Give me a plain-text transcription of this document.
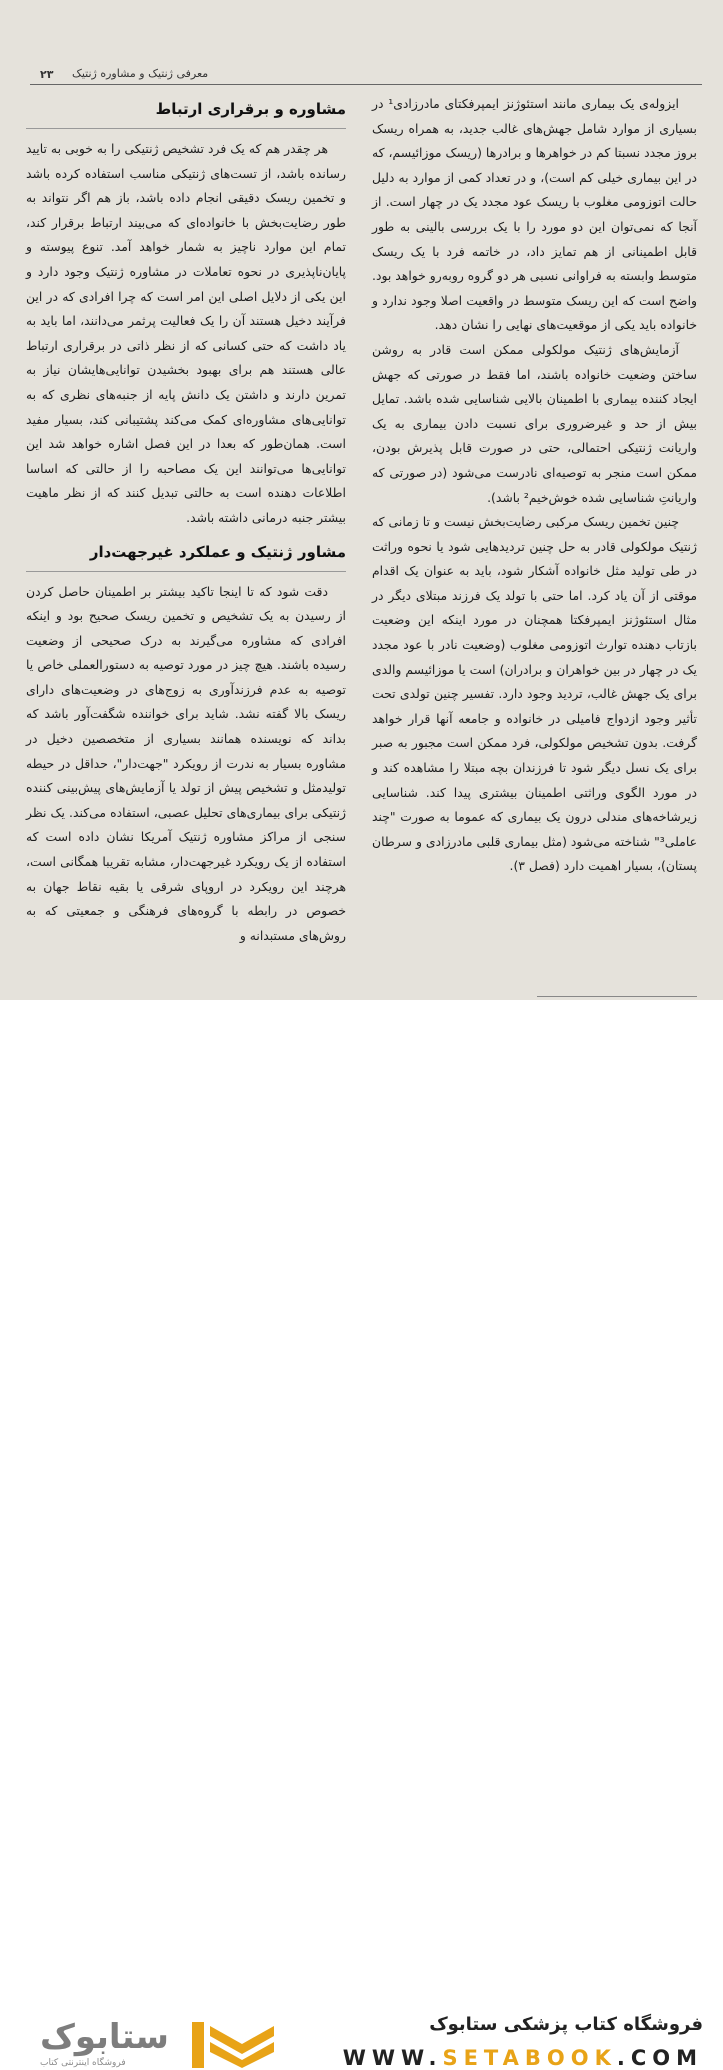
۲۳ معرفی ژنتیک و مشاوره ژنتیک

ایزوله‌ی یک بیماری مانند استئوژنز ایمپرفکتای مادرزادی¹ در بسیاری از موارد شامل جهش‌های غالب جدید، به همراه ریسک بروز مجدد نسبتا کم در خواهرها و برادرها (ریسک موزائیسم، که در این بیماری خیلی کم است)، و در تعداد کمی از موارد به دلیل حالت اتوزومی مغلوب با ریسک عود مجدد یک در چهار است. از آنجا که نمی‌توان این دو مورد را با یک بررسی بالینی به طور قابل اطمینانی از هم تمایز داد، در خاتمه فرد با یک ریسک متوسط وابسته به فراوانی نسبی هر دو گروه روبه‌رو خواهد بود. واضح است که این ریسک متوسط در واقعیت اصلا وجود ندارد و خانواده باید یکی از موقعیت‌های نهایی را نشان دهد.

آزمایش‌های ژنتیک مولکولی ممکن است قادر به روشن ساختن وضعیت خانواده باشند، اما فقط در صورتی که جهش ایجاد کننده بیماری با اطمینان بالایی شناسایی شده باشد. تمایل بیش از حد و غیرضروری برای نسبت دادن بیماری به یک واریانت ژنتیکی احتمالی، حتی در صورت قابل پذیرش بودن، ممکن است منجر به توصیه‌ای نادرست می‌شود (در صورتی که واریانتِ شناسایی شده خوش‌خیم² باشد).

چنین تخمین ریسک مرکبی رضایت‌بخش نیست و تا زمانی که ژنتیک مولکولی قادر به حل چنین تردیدهایی شود یا نحوه وراثت در طی تولید مثل خانواده آشکار شود، باید به عنوان یک اقدام موقتی از آن یاد کرد. اما حتی با تولد یک فرزند مبتلای دیگر در مثال استئوژنز ایمپرفکتا همچنان در مورد اینکه این وضعیت بازتاب دهنده توارث اتوزومی مغلوب (وضعیت نادر با عود مجدد یک در چهار در بین خواهران و برادران) است یا موزائیسم والدی برای یک جهش غالب، تردید وجود دارد. تفسیر چنین تولدی تحت تأثیر وجود ازدواج فامیلی در خانواده و جامعه آنها قرار خواهد گرفت. بدون تشخیص مولکولی، فرد ممکن است مجبور به صبر برای یک نسل دیگر شود تا فرزندان بچه مبتلا را مشاهده کند و در مورد الگوی وراثتی اطمینان بیشتری پیدا کند. شناسایی زیرشاخه‌های مندلی درون یک بیماری که عموما به صورت "چند عاملی³" شناخته می‌شود (مثل بیماری قلبی مادرزادی و سرطان پستان)، بسیار اهمیت دارد (فصل ۳).

مشاوره و برقراری ارتباط

هر چقدر هم که یک فرد تشخیص ژنتیکی را به خوبی به تایید رسانده باشد، از تست‌های ژنتیکی مناسب استفاده کرده باشد و تخمین ریسک دقیقی انجام داده باشد، باز هم اگر نتواند به طور رضایت‌بخش با خانواده‌ای که می‌بیند ارتباط برقرار کند، تمام این موارد ناچیز به شمار خواهد آمد. تنوع پیوسته و پایان‌ناپذیری در نحوه تعاملات در مشاوره ژنتیک وجود دارد و این یکی از دلایل اصلی این امر است که چرا افرادی که در این فرآیند دخیل هستند آن را یک فعالیت پرثمر می‌دانند، اما باید به یاد داشت که حتی کسانی که از نظر ذاتی در برقراری ارتباط عالی هستند هم برای بهبود بخشیدن توانایی‌هایشان نیاز به تمرین دارند و داشتن یک دانش پایه از جنبه‌های نظری که به توانایی‌های مشاوره‌ای کمک می‌کند پشتیبانی کند، بسیار مفید است. همان‌طور که بعدا در این فصل اشاره خواهد شد این توانایی‌ها می‌توانند این یک مصاحبه را از حالتی که اساسا اطلاعات دهنده است به حالتی تبدیل کنند که از نظر ماهیت بیشتر جنبه درمانی داشته باشد.

مشاور ژنتیک و عملکرد غیرجهت‌دار

دقت شود که تا اینجا تاکید بیشتر بر اطمینان حاصل کردن از رسیدن به یک تشخیص و تخمین ریسک صحیح بود و اینکه افرادی که مشاوره می‌گیرند به درک صحیحی از وضعیت رسیده باشند. هیچ چیز در مورد توصیه به دستورالعملی خاص یا توصیه به عدم فرزندآوری به زوج‌های در وضعیت‌های دارای ریسک بالا گفته نشد. شاید برای خواننده شگفت‌آور باشد که بداند که نویسنده همانند بسیاری از متخصصین دخیل در مشاوره بسیار به ندرت از رویکرد "جهت‌دار"، حداقل در حیطه تولیدمثل و تشخیص پیش از تولد یا آزمایش‌های پیش‌بینی کننده ژنتیکی برای بیماری‌های تحلیل عصبی، استفاده می‌کند. یک نظر سنجی از مراکز مشاوره ژنتیک آمریکا نشان داده است که استفاده از یک رویکرد غیرجهت‌دار، مشابه تقریبا همگانی است، هرچند این رویکرد در اروپای شرقی یا بقیه نقاط جهان به خصوص در رابطه با گروه‌های فرهنگی و جمعیتی که به روش‌های مستبدانه و

ستابوک
فروشگاه اینترنتی کتاب
فروشگاه کتاب پزشکی ستابوک
WWW.SETABOOK.COM
